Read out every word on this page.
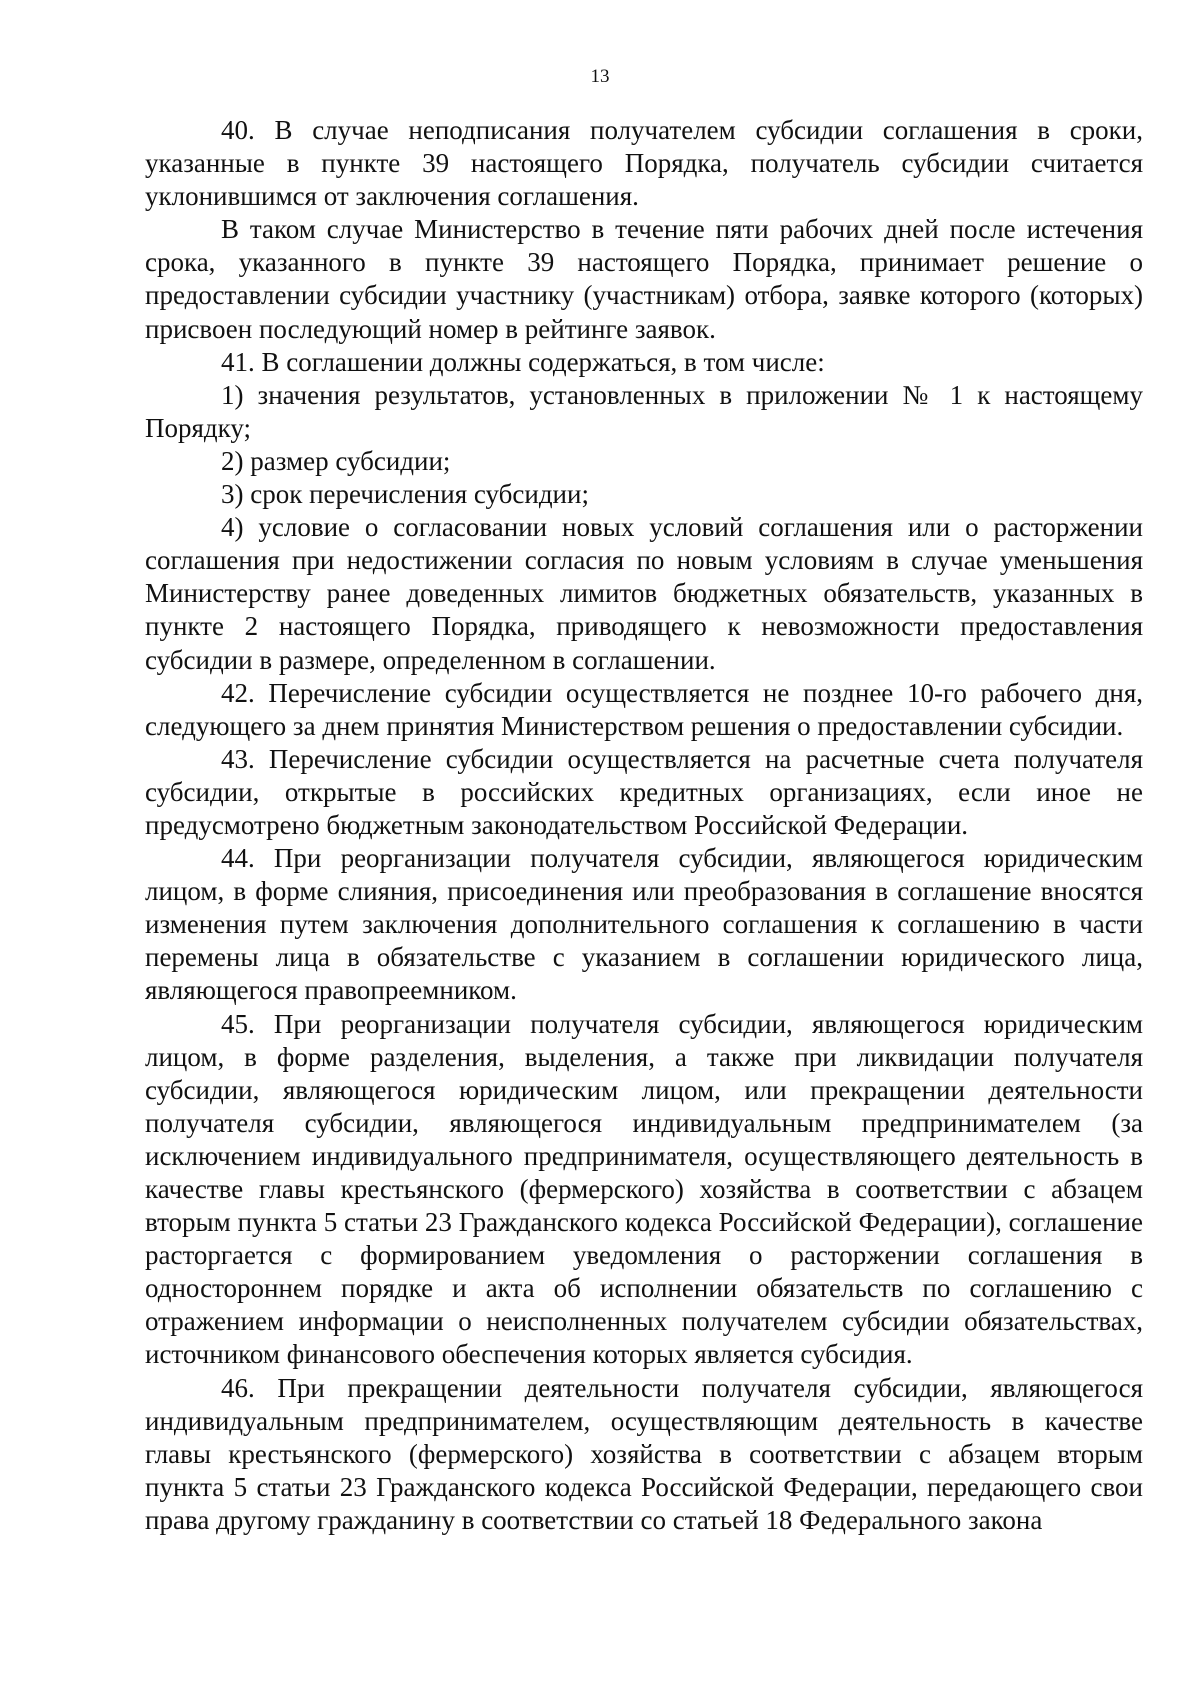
13

40. В случае неподписания получателем субсидии соглашения в сроки, указанные в пункте 39 настоящего Порядка, получатель субсидии считается уклонившимся от заключения соглашения.

В таком случае Министерство в течение пяти рабочих дней после истечения срока, указанного в пункте 39 настоящего Порядка, принимает решение о предоставлении субсидии участнику (участникам) отбора, заявке которого (которых) присвоен последующий номер в рейтинге заявок.

41. В соглашении должны содержаться, в том числе:

1) значения результатов, установленных в приложении № 1 к настоящему Порядку;

2) размер субсидии;

3) срок перечисления субсидии;

4) условие о согласовании новых условий соглашения или о расторжении соглашения при недостижении согласия по новым условиям в случае уменьшения Министерству ранее доведенных лимитов бюджетных обязательств, указанных в пункте 2 настоящего Порядка, приводящего к невозможности предоставления субсидии в размере, определенном в соглашении.

42. Перечисление субсидии осуществляется не позднее 10-го рабочего дня, следующего за днем принятия Министерством решения о предоставлении субсидии.

43. Перечисление субсидии осуществляется на расчетные счета получателя субсидии, открытые в российских кредитных организациях, если иное не предусмотрено бюджетным законодательством Российской Федерации.

44. При реорганизации получателя субсидии, являющегося юридическим лицом, в форме слияния, присоединения или преобразования в соглашение вносятся изменения путем заключения дополнительного соглашения к соглашению в части перемены лица в обязательстве с указанием в соглашении юридического лица, являющегося правопреемником.

45. При реорганизации получателя субсидии, являющегося юридическим лицом, в форме разделения, выделения, а также при ликвидации получателя субсидии, являющегося юридическим лицом, или прекращении деятельности получателя субсидии, являющегося индивидуальным предпринимателем (за исключением индивидуального предпринимателя, осуществляющего деятельность в качестве главы крестьянского (фермерского) хозяйства в соответствии с абзацем вторым пункта 5 статьи 23 Гражданского кодекса Российской Федерации), соглашение расторгается с формированием уведомления о расторжении соглашения в одностороннем порядке и акта об исполнении обязательств по соглашению с отражением информации о неисполненных получателем субсидии обязательствах, источником финансового обеспечения которых является субсидия.

46. При прекращении деятельности получателя субсидии, являющегося индивидуальным предпринимателем, осуществляющим деятельность в качестве главы крестьянского (фермерского) хозяйства в соответствии с абзацем вторым пункта 5 статьи 23 Гражданского кодекса Российской Федерации, передающего свои права другому гражданину в соответствии со статьей 18 Федерального закона
